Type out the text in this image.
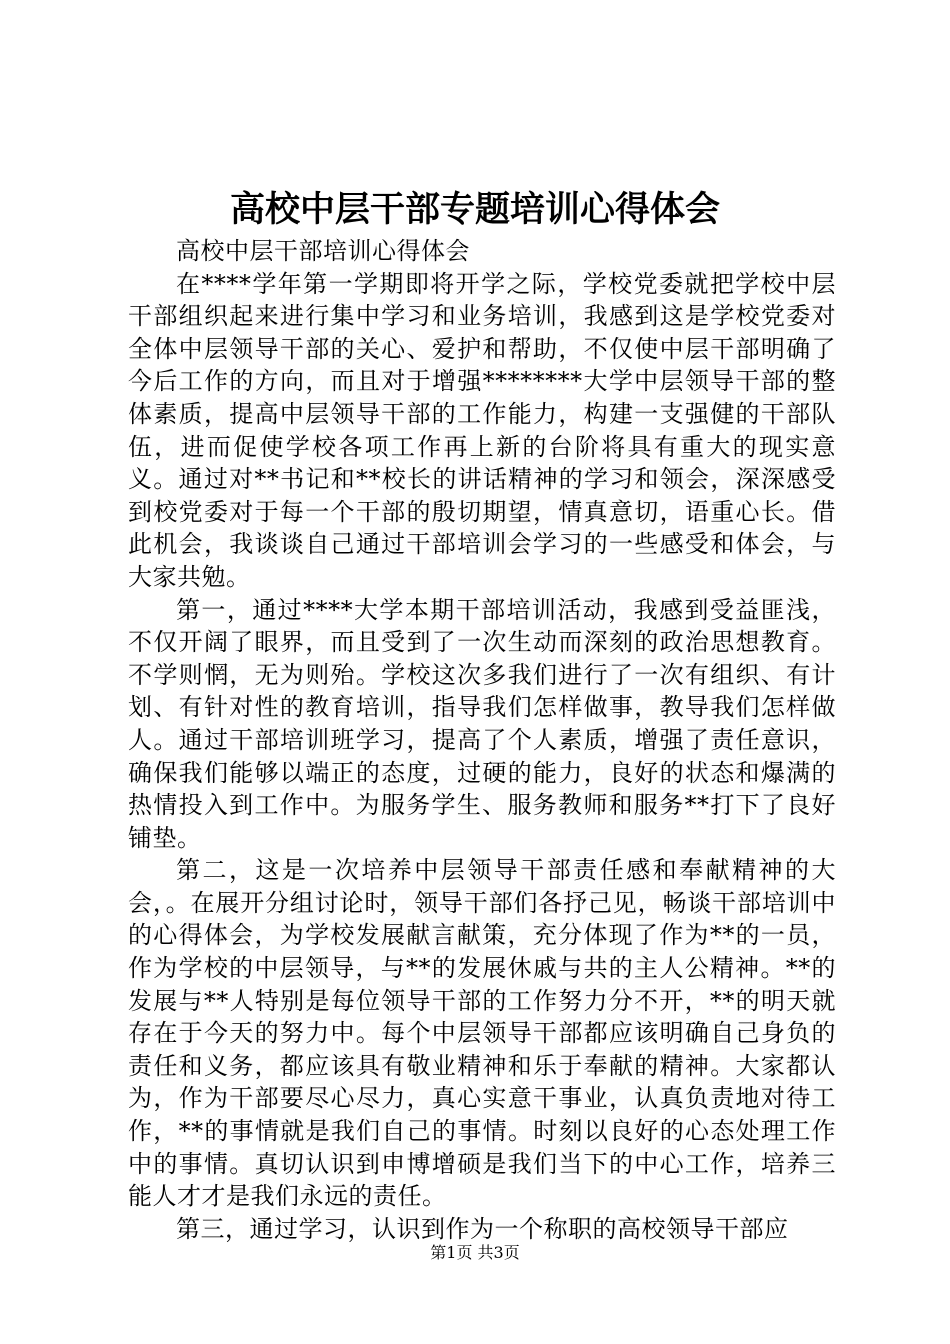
高校中层干部专题培训心得体会

高校中层干部培训心得体会

在****学年第一学期即将开学之际，学校党委就把学校中层干部组织起来进行集中学习和业务培训，我感到这是学校党委对全体中层领导干部的关心、爱护和帮助，不仅使中层干部明确了今后工作的方向，而且对于增强********大学中层领导干部的整体素质，提高中层领导干部的工作能力，构建一支强健的干部队伍，进而促使学校各项工作再上新的台阶将具有重大的现实意义。通过对**书记和**校长的讲话精神的学习和领会，深深感受到校党委对于每一个干部的殷切期望，情真意切，语重心长。借此机会，我谈谈自己通过干部培训会学习的一些感受和体会，与大家共勉。

第一，通过****大学本期干部培训活动，我感到受益匪浅，不仅开阔了眼界，而且受到了一次生动而深刻的政治思想教育。不学则惘，无为则殆。学校这次多我们进行了一次有组织、有计划、有针对性的教育培训，指导我们怎样做事，教导我们怎样做人。通过干部培训班学习，提高了个人素质，增强了责任意识，确保我们能够以端正的态度，过硬的能力，良好的状态和爆满的热情投入到工作中。为服务学生、服务教师和服务**打下了良好铺垫。

第二，这是一次培养中层领导干部责任感和奉献精神的大会，。在展开分组讨论时，领导干部们各抒己见，畅谈干部培训中的心得体会，为学校发展献言献策，充分体现了作为**的一员，作为学校的中层领导，与**的发展休戚与共的主人公精神。**的发展与**人特别是每位领导干部的工作努力分不开，**的明天就存在于今天的努力中。每个中层领导干部都应该明确自己身负的责任和义务，都应该具有敬业精神和乐于奉献的精神。大家都认为，作为干部要尽心尽力，真心实意干事业，认真负责地对待工作，**的事情就是我们自己的事情。时刻以良好的心态处理工作中的事情。真切认识到申博增硕是我们当下的中心工作，培养三能人才才是我们永远的责任。

第三，通过学习，认识到作为一个称职的高校领导干部应

第1页 共3页
